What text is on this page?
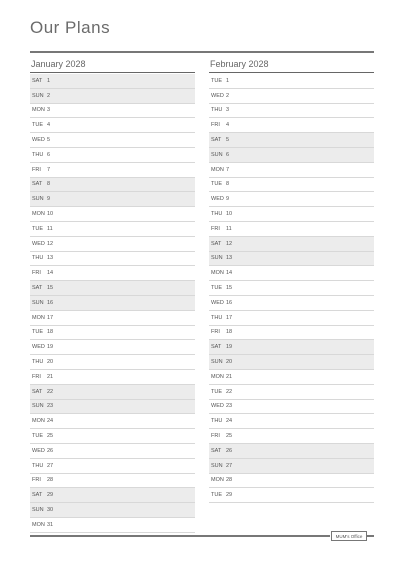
Our Plans
January 2028
SAT 1
SUN 2
MON 3
TUE 4
WED 5
THU 6
FRI	7
SAT 8
SUN 9
MON 10
TUE 11
WED 12
THU 13
FRI	14
SAT 15
SUN 16
MON 17
TUE 18
WED 19
THU 20
FRI	21
SAT 22
SUN 23
MON 24
TUE 25
WED 26
THU 27
FRI	28
SAT 29
SUN 30
MON 31
February 2028
TUE 1
WED 2
THU 3
FRI	4
SAT 5
SUN 6
MON 7
TUE 8
WED 9
THU 10
FRI	11
SAT 12
SUN 13
MON 14
TUE 15
WED 16
THU 17
FRI	18
SAT 19
SUN 20
MON 21
TUE 22
WED 23
THU 24
FRI	25
SAT 26
SUN 27
MON 28
TUE 29
MUM's Office
